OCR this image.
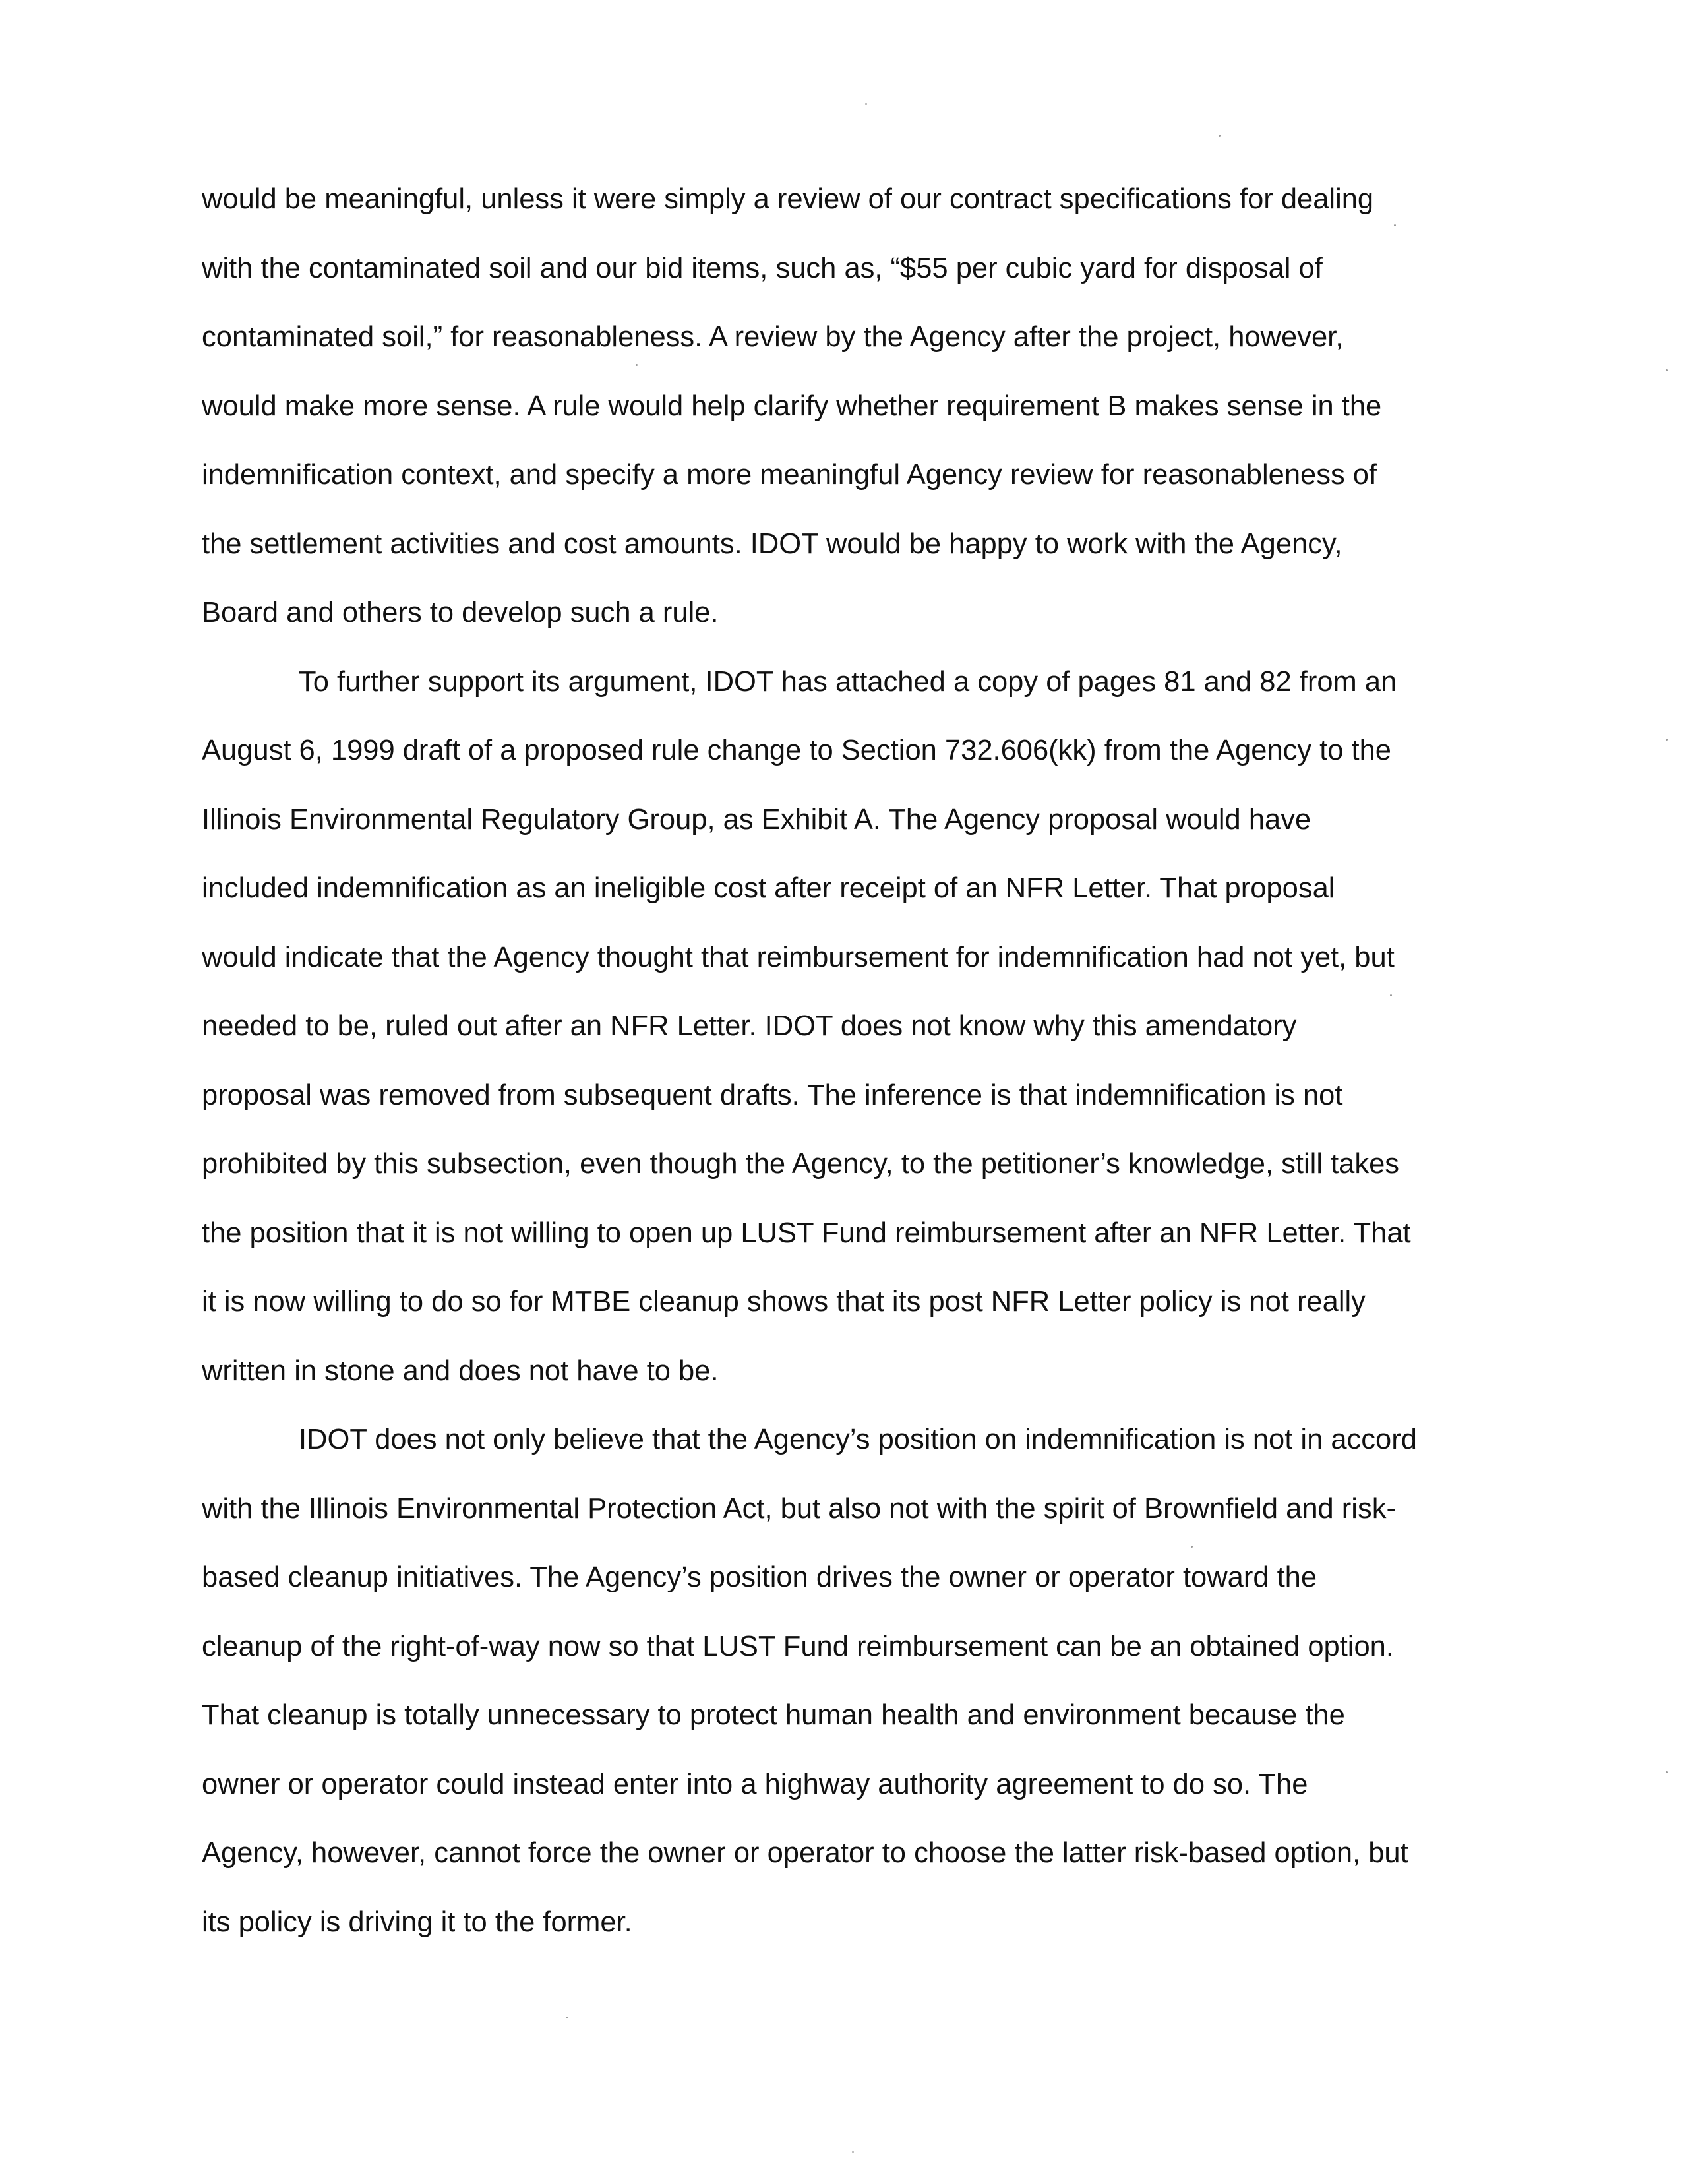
would be meaningful, unless it were simply a review of our contract specifications for dealing
with the contaminated soil and our bid items, such as, “$55 per cubic yard for disposal of
contaminated soil,” for reasonableness. A review by the Agency after the project, however,
would make more sense. A rule would help clarify whether requirement B makes sense in the
indemnification context, and specify a more meaningful Agency review for reasonableness of
the settlement activities and cost amounts. IDOT would be happy to work with the Agency,
Board and others to develop such a rule.
To further support its argument, IDOT has attached a copy of pages 81 and 82 from an
August 6, 1999 draft of a proposed rule change to Section 732.606(kk) from the Agency to the
Illinois Environmental Regulatory Group, as Exhibit A. The Agency proposal would have
included indemnification as an ineligible cost after receipt of an NFR Letter. That proposal
would indicate that the Agency thought that reimbursement for indemnification had not yet, but
needed to be, ruled out after an NFR Letter. IDOT does not know why this amendatory
proposal was removed from subsequent drafts. The inference is that indemnification is not
prohibited by this subsection, even though the Agency, to the petitioner’s knowledge, still takes
the position that it is not willing to open up LUST Fund reimbursement after an NFR Letter. That
it is now willing to do so for MTBE cleanup shows that its post NFR Letter policy is not really
written in stone and does not have to be.
IDOT does not only believe that the Agency’s position on indemnification is not in accord
with the Illinois Environmental Protection Act, but also not with the spirit of Brownfield and risk-
based cleanup initiatives. The Agency’s position drives the owner or operator toward the
cleanup of the right-of-way now so that LUST Fund reimbursement can be an obtained option.
That cleanup is totally unnecessary to protect human health and environment because the
owner or operator could instead enter into a highway authority agreement to do so. The
Agency, however, cannot force the owner or operator to choose the latter risk-based option, but
its policy is driving it to the former.
